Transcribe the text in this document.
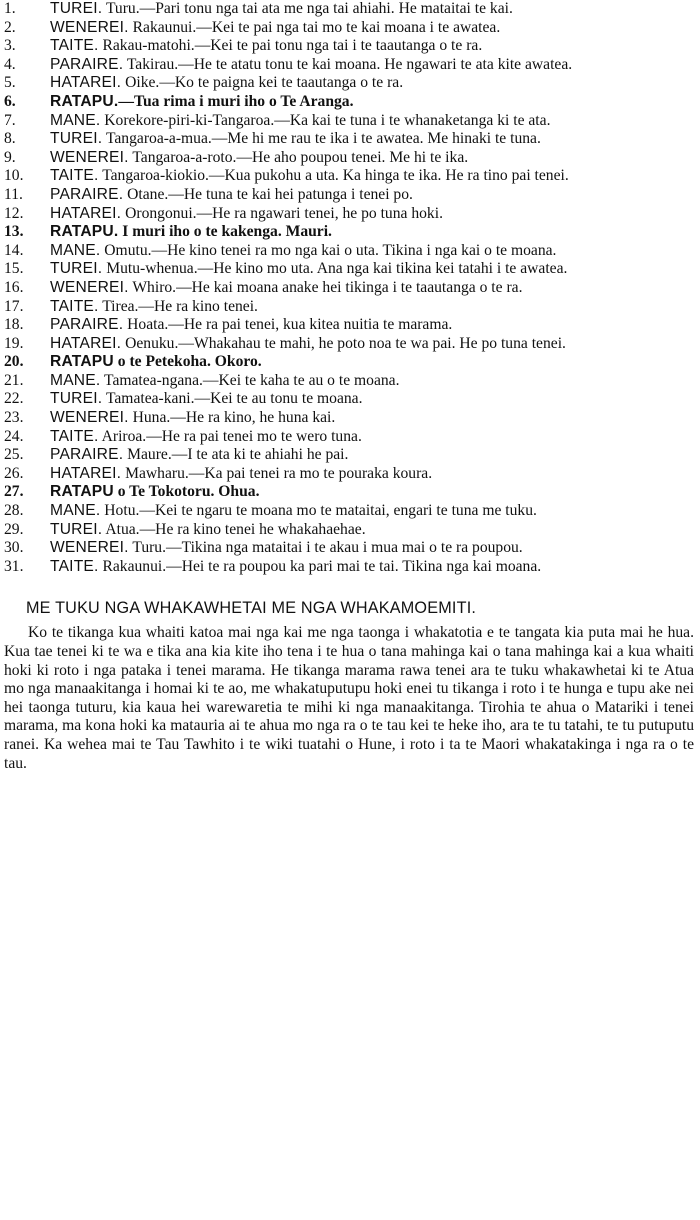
1.	TUREI. Turu.—Pari tonu nga tai ata me nga tai ahiahi. He mataitai te kai.
2.	WENEREI. Rakaunui.—Kei te pai nga tai mo te kai moana i te awatea.
3.	TAITE. Rakau-matohi.—Kei te pai tonu nga tai i te taautanga o te ra.
4.	PARAIRE. Takirau.—He te atatu tonu te kai moana. He ngawari te ata kite awatea.
5.	HATAREI. Oike.—Ko te paigna kei te taautanga o te ra.
6.	RATAPU.—Tua rima i muri iho o Te Aranga.
7.	MANE. Korekore-piri-ki-Tangaroa.—Ka kai te tuna i te whanaketanga ki te ata.
8.	TUREI. Tangaroa-a-mua.—Me hi me rau te ika i te awatea. Me hinaki te tuna.
9.	WENEREI. Tangaroa-a-roto.—He aho poupou tenei. Me hi te ika.
10.	TAITE. Tangaroa-kiokio.—Kua pukohu a uta. Ka hinga te ika. He ra tino pai tenei.
11.	PARAIRE. Otane.—He tuna te kai hei patunga i tenei po.
12.	HATAREI. Orongonui.—He ra ngawari tenei, he po tuna hoki.
13.	RATAPU. I muri iho o te kakenga. Mauri.
14.	MANE. Omutu.—He kino tenei ra mo nga kai o uta. Tikina i nga kai o te moana.
15.	TUREI. Mutu-whenua.—He kino mo uta. Ana nga kai tikina kei tatahi i te awatea.
16.	WENEREI. Whiro.—He kai moana anake hei tikinga i te taautanga o te ra.
17.	TAITE. Tirea.—He ra kino tenei.
18.	PARAIRE. Hoata.—He ra pai tenei, kua kitea nuitia te marama.
19.	HATAREI. Oenuku.—Whakahau te mahi, he poto noa te wa pai. He po tuna tenei.
20.	RATAPU o te Petekoha. Okoro.
21.	MANE. Tamatea-ngana.—Kei te kaha te au o te moana.
22.	TUREI. Tamatea-kani.—Kei te au tonu te moana.
23.	WENEREI. Huna.—He ra kino, he huna kai.
24.	TAITE. Ariroa.—He ra pai tenei mo te wero tuna.
25.	PARAIRE. Maure.—I te ata ki te ahiahi he pai.
26.	HATAREI. Mawharu.—Ka pai tenei ra mo te pouraka koura.
27.	RATAPU o Te Tokotoru. Ohua.
28.	MANE. Hotu.—Kei te ngaru te moana mo te mataitai, engari te tuna me tuku.
29.	TUREI. Atua.—He ra kino tenei he whakahaehae.
30.	WENEREI. Turu.—Tikina nga mataitai i te akau i mua mai o te ra poupou.
31.	TAITE. Rakaunui.—Hei te ra poupou ka pari mai te tai. Tikina nga kai moana.
ME TUKU NGA WHAKAWHETAI ME NGA WHAKAMOEMITI.

Ko te tikanga kua whaiti katoa mai nga kai me nga taonga i whakatotia e te tangata kia puta mai he hua. Kua tae tenei ki te wa e tika ana kia kite iho tena i te hua o tana mahinga kai o tana mahinga kai a kua whaiti hoki ki roto i nga pataka i tenei marama. He tikanga marama rawa tenei ara te tuku whakawhetai ki te Atua mo nga manaakitanga i homai ki te ao, me whakatuputupu hoki enei tu tikanga i roto i te hunga e tupu ake nei hei taonga tuturu, kia kaua hei warewaretia te mihi ki nga manaakitanga. Tirohia te ahua o Matariki i tenei marama, ma kona hoki ka matauria ai te ahua mo nga ra o te tau kei te heke iho, ara te tu tatahi, te tu putuputu ranei. Ka wehea mai te Tau Tawhito i te wiki tuatahi o Hune, i roto i ta te Maori whakatakinga i nga ra o te tau.
